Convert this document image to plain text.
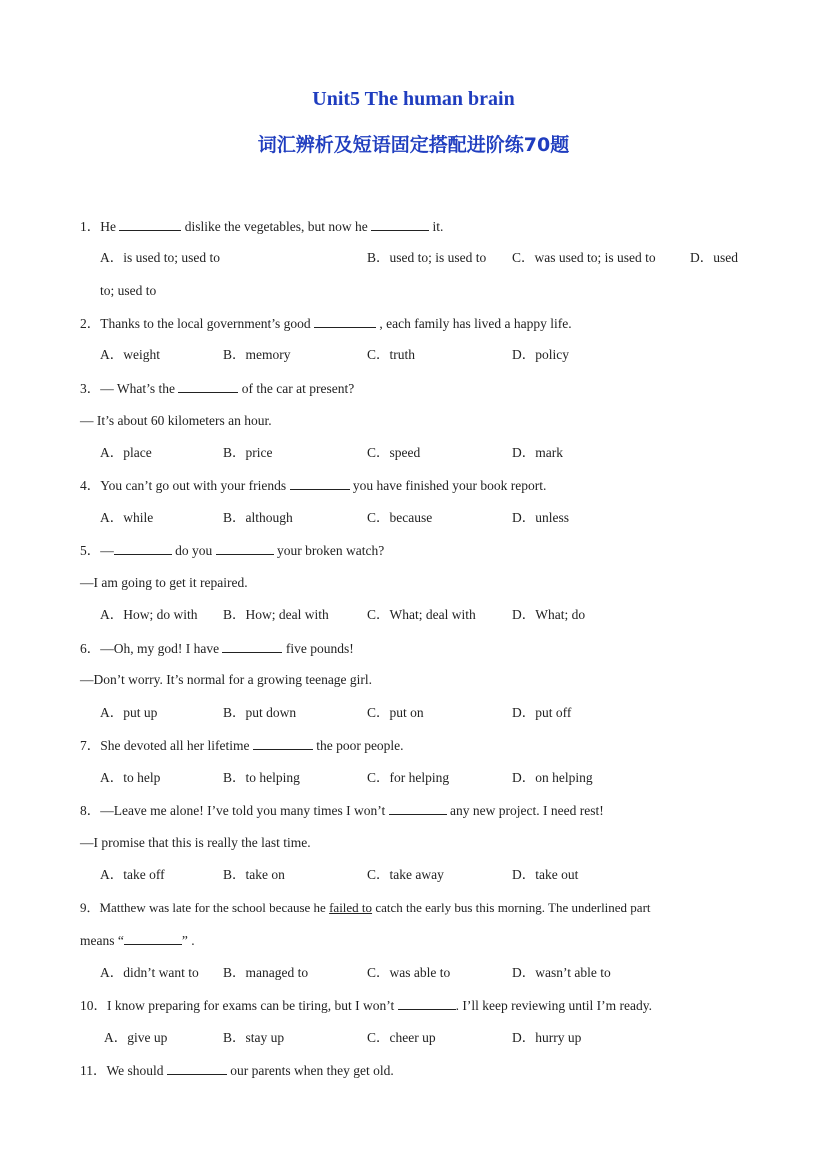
Unit5 The human brain
词汇辨析及短语固定搭配进阶练70题
1．He	dislike the vegetables, but now he	it.
A．is used to; used to	B．used to; is used to C．was used to; is used to	D．used
to; used to
2．Thanks to the local government’s good	, each family has lived a happy life.
A．weight	B．memory	C．truth	D．policy
3．— What’s the	of the car at present?
— It’s about 60 kilometers an hour.
A．place	B．price	C．speed	D．mark
4．You can’t go out with your friends	you have finished your book report.
A．while	B．although	C．because	D．unless
5．—	do you	your broken watch?
—I am going to get it repaired.
A．How; do with B．How; deal with	C．What; deal with	D．What; do
6．—Oh, my god! I have	five pounds!
—Don’t worry. It’s normal for a growing teenage girl.
A．put up	B．put down	C．put on	D．put off
7．She devoted all her lifetime	the poor people.
A．to help	B．to helping	C．for helping	D．on helping
8．—Leave me alone! I’ve told you many times I won’t	any new project. I need rest!
—I promise that this is really the last time.
A．take off	B．take on	C．take away	D．take out
9．Matthew was late for the school because he failed to catch the early bus this morning. The underlined part
means “	” .
A．didn’t want to B．managed to	C．was able to	D．wasn’t able to
10．I know preparing for exams can be tiring, but I won’t	. I’ll keep reviewing until I’m ready.
A．give up	B．stay up	C．cheer up	D．hurry up
11．We should	our parents when they get old.
